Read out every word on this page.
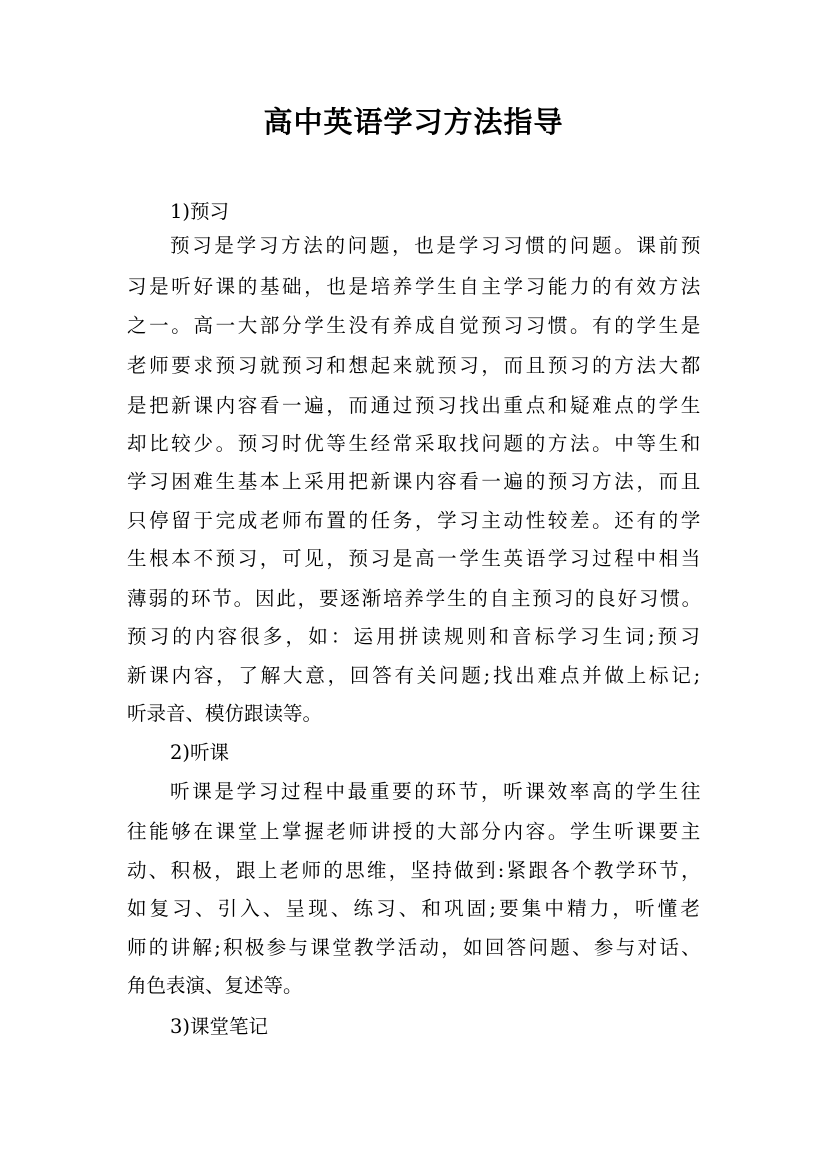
高中英语学习方法指导
1)预习
预习是学习方法的问题，也是学习习惯的问题。课前预
习是听好课的基础，也是培养学生自主学习能力的有效方法
之一。高一大部分学生没有养成自觉预习习惯。有的学生是
老师要求预习就预习和想起来就预习，而且预习的方法大都
是把新课内容看一遍，而通过预习找出重点和疑难点的学生
却比较少。预习时优等生经常采取找问题的方法。中等生和
学习困难生基本上采用把新课内容看一遍的预习方法，而且
只停留于完成老师布置的任务，学习主动性较差。还有的学
生根本不预习，可见，预习是高一学生英语学习过程中相当
薄弱的环节。因此，要逐渐培养学生的自主预习的良好习惯。
预习的内容很多，如：运用拼读规则和音标学习生词;预习
新课内容，了解大意，回答有关问题;找出难点并做上标记;
听录音、模仿跟读等。
2)听课
听课是学习过程中最重要的环节，听课效率高的学生往
往能够在课堂上掌握老师讲授的大部分内容。学生听课要主
动、积极，跟上老师的思维，坚持做到:紧跟各个教学环节，
如复习、引入、呈现、练习、和巩固;要集中精力，听懂老
师的讲解;积极参与课堂教学活动，如回答问题、参与对话、
角色表演、复述等。
3)课堂笔记
